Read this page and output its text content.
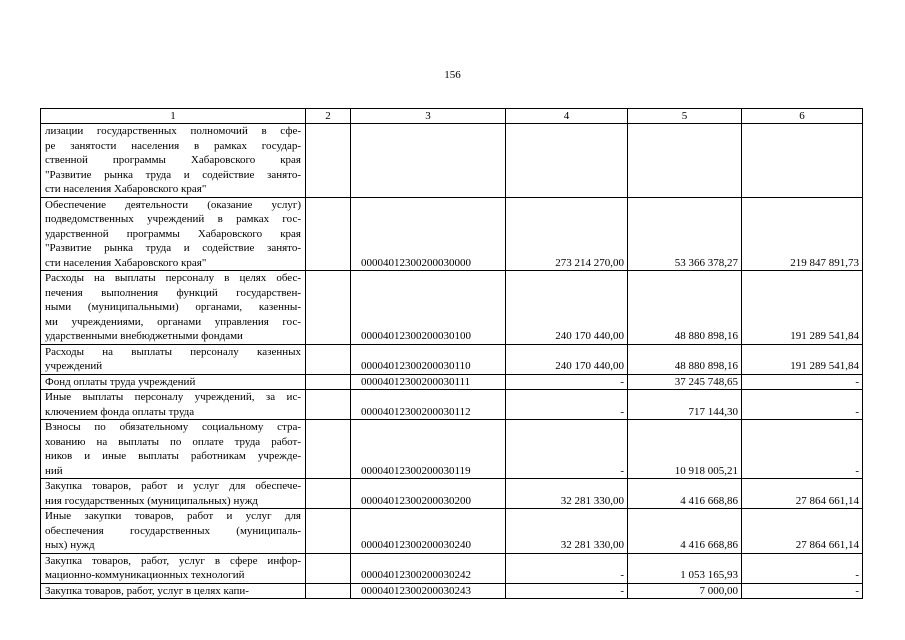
156
1	2	3	4	5	6

лизации государственных полномочий в сфе-
ре занятости населения в рамках государ-
ственной программы Хабаровского края
"Развитие рынка труда и содействие занято-
сти населения Хабаровского края"					

Обеспечение деятельности (оказание услуг)
подведомственных учреждений в рамках гос-
ударственной программы Хабаровского края
"Развитие рынка труда и содействие занято-
сти населения Хабаровского края"		00004012300200030000	273 214 270,00	53 366 378,27	219 847 891,73

Расходы на выплаты персоналу в целях обес-
печения выполнения функций государствен-
ными (муниципальными) органами, казенны-
ми учреждениями, органами управления гос-
ударственными внебюджетными фондами		00004012300200030100	240 170 440,00	48 880 898,16	191 289 541,84

Расходы на выплаты персоналу казенных
учреждений		00004012300200030110	240 170 440,00	48 880 898,16	191 289 541,84

Фонд оплаты труда учреждений		00004012300200030111	-	37 245 748,65	-

Иные выплаты персоналу учреждений, за ис-
ключением фонда оплаты труда		00004012300200030112	-	717 144,30	-

Взносы по обязательному социальному стра-
хованию на выплаты по оплате труда работ-
ников и иные выплаты работникам учрежде-
ний		00004012300200030119	-	10 918 005,21	-

Закупка товаров, работ и услуг для обеспече-
ния государственных (муниципальных) нужд		00004012300200030200	32 281 330,00	4 416 668,86	27 864 661,14

Иные закупки товаров, работ и услуг для
обеспечения государственных (муниципаль-
ных) нужд		00004012300200030240	32 281 330,00	4 416 668,86	27 864 661,14

Закупка товаров, работ, услуг в сфере инфор-
мационно-коммуникационных технологий		00004012300200030242	-	1 053 165,93	-

Закупка товаров, работ, услуг в целях капи-		00004012300200030243	-	7 000,00	-
